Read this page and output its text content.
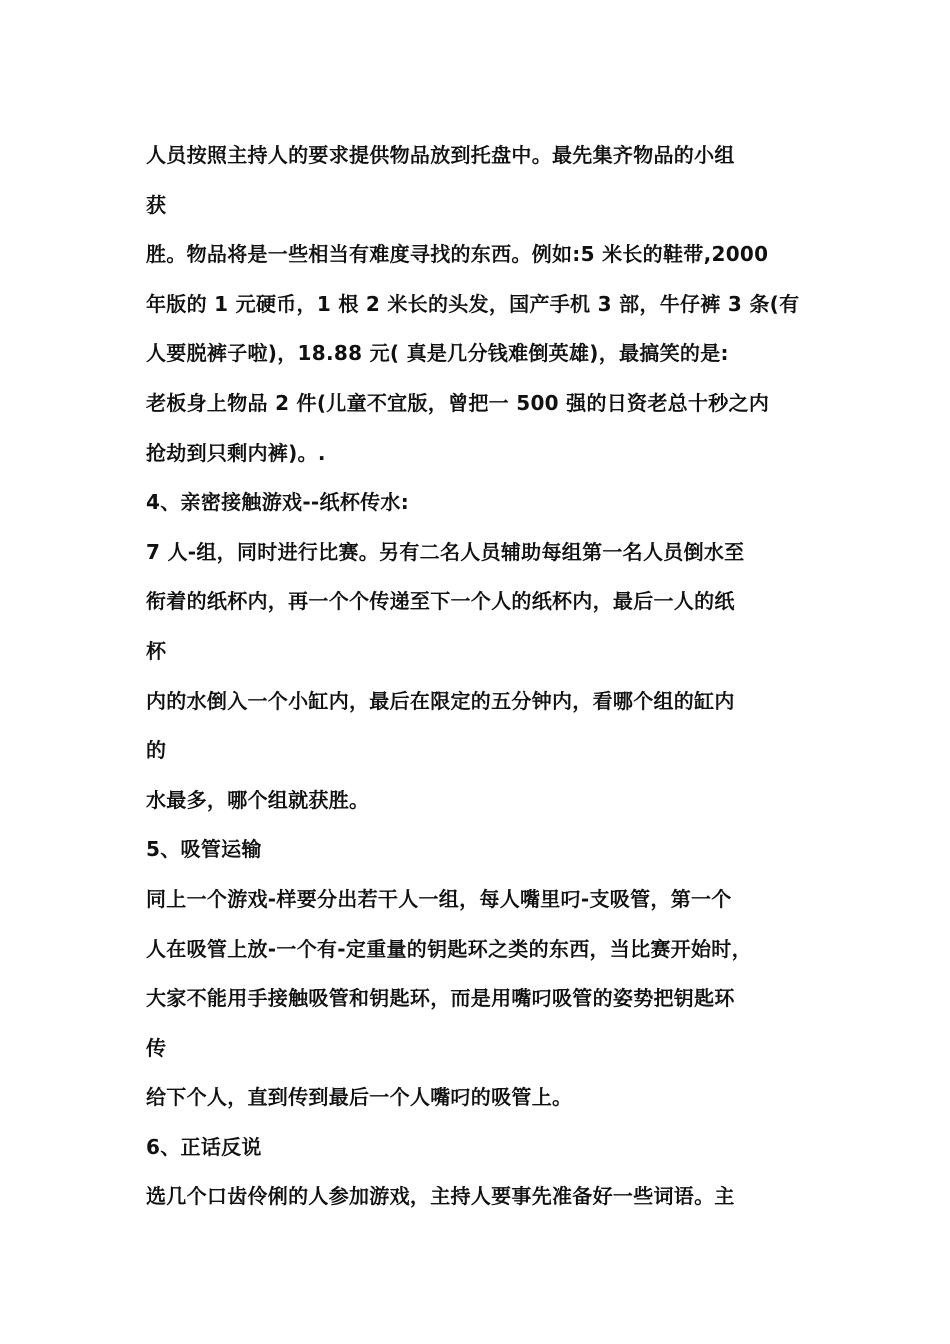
人员按照主持人的要求提供物品放到托盘中。最先集齐物品的小组
获
胜。物品将是一些相当有难度寻找的东西。例如:5 米长的鞋带,2000
年版的 1 元硬币，1 根 2 米长的头发，国产手机 3 部，牛仔裤 3 条(有
人要脱裤子啦)，18.88 元( 真是几分钱难倒英雄)，最搞笑的是:
老板身上物品 2 件(儿童不宜版，曾把一 500 强的日资老总十秒之内
抢劫到只剩内裤)。.
4、亲密接触游戏--纸杯传水:
7 人-组，同时进行比赛。另有二名人员辅助每组第一名人员倒水至
衔着的纸杯内，再一个个传递至下一个人的纸杯内，最后一人的纸
杯
内的水倒入一个小缸内，最后在限定的五分钟内，看哪个组的缸内
的
水最多，哪个组就获胜。
5、吸管运输
同上一个游戏-样要分出若干人一组，每人嘴里叼-支吸管，第一个
人在吸管上放-一个有-定重量的钥匙环之类的东西，当比赛开始时，
大家不能用手接触吸管和钥匙环，而是用嘴叼吸管的姿势把钥匙环
传
给下个人，直到传到最后一个人嘴叼的吸管上。
6、正话反说
选几个口齿伶俐的人参加游戏，主持人要事先准备好一些词语。主
